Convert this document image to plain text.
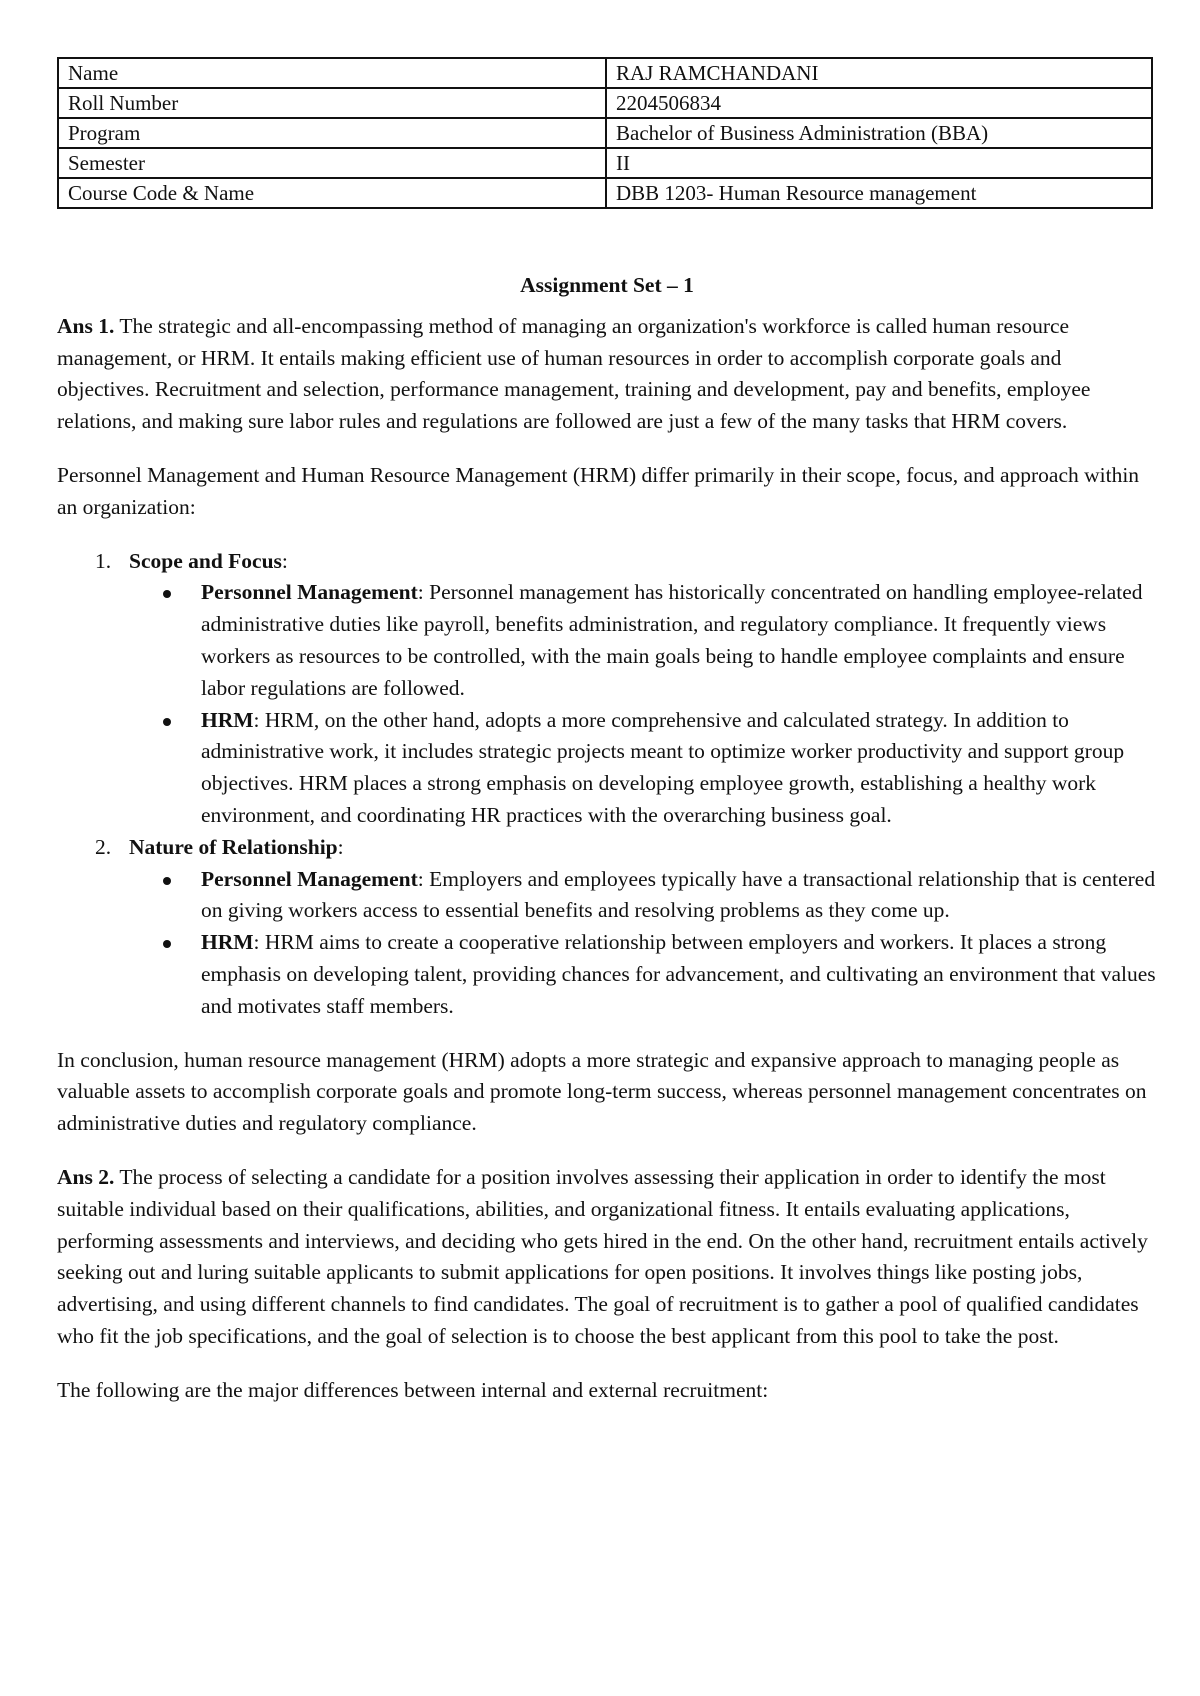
Name	RAJ RAMCHANDANI
Roll Number	2204506834
Program	Bachelor of Business Administration (BBA)
Semester	II
Course Code & Name	DBB 1203- Human Resource management
Assignment Set – 1

Ans 1. The strategic and all-encompassing method of managing an organization's workforce is called human resource management, or HRM. It entails making efficient use of human resources in order to accomplish corporate goals and objectives. Recruitment and selection, performance management, training and development, pay and benefits, employee relations, and making sure labor rules and regulations are followed are just a few of the many tasks that HRM covers.

Personnel Management and Human Resource Management (HRM) differ primarily in their scope, focus, and approach within an organization:

1. Scope and Focus:
Personnel Management: Personnel management has historically concentrated on handling employee-related administrative duties like payroll, benefits administration, and regulatory compliance. It frequently views workers as resources to be controlled, with the main goals being to handle employee complaints and ensure labor regulations are followed.
HRM: HRM, on the other hand, adopts a more comprehensive and calculated strategy. In addition to administrative work, it includes strategic projects meant to optimize worker productivity and support group objectives. HRM places a strong emphasis on developing employee growth, establishing a healthy work environment, and coordinating HR practices with the overarching business goal.
2. Nature of Relationship:
Personnel Management: Employers and employees typically have a transactional relationship that is centered on giving workers access to essential benefits and resolving problems as they come up.
HRM: HRM aims to create a cooperative relationship between employers and workers. It places a strong emphasis on developing talent, providing chances for advancement, and cultivating an environment that values and motivates staff members.

In conclusion, human resource management (HRM) adopts a more strategic and expansive approach to managing people as valuable assets to accomplish corporate goals and promote long-term success, whereas personnel management concentrates on administrative duties and regulatory compliance.

Ans 2. The process of selecting a candidate for a position involves assessing their application in order to identify the most suitable individual based on their qualifications, abilities, and organizational fitness. It entails evaluating applications, performing assessments and interviews, and deciding who gets hired in the end. On the other hand, recruitment entails actively seeking out and luring suitable applicants to submit applications for open positions. It involves things like posting jobs, advertising, and using different channels to find candidates. The goal of recruitment is to gather a pool of qualified candidates who fit the job specifications, and the goal of selection is to choose the best applicant from this pool to take the post.

The following are the major differences between internal and external recruitment:
